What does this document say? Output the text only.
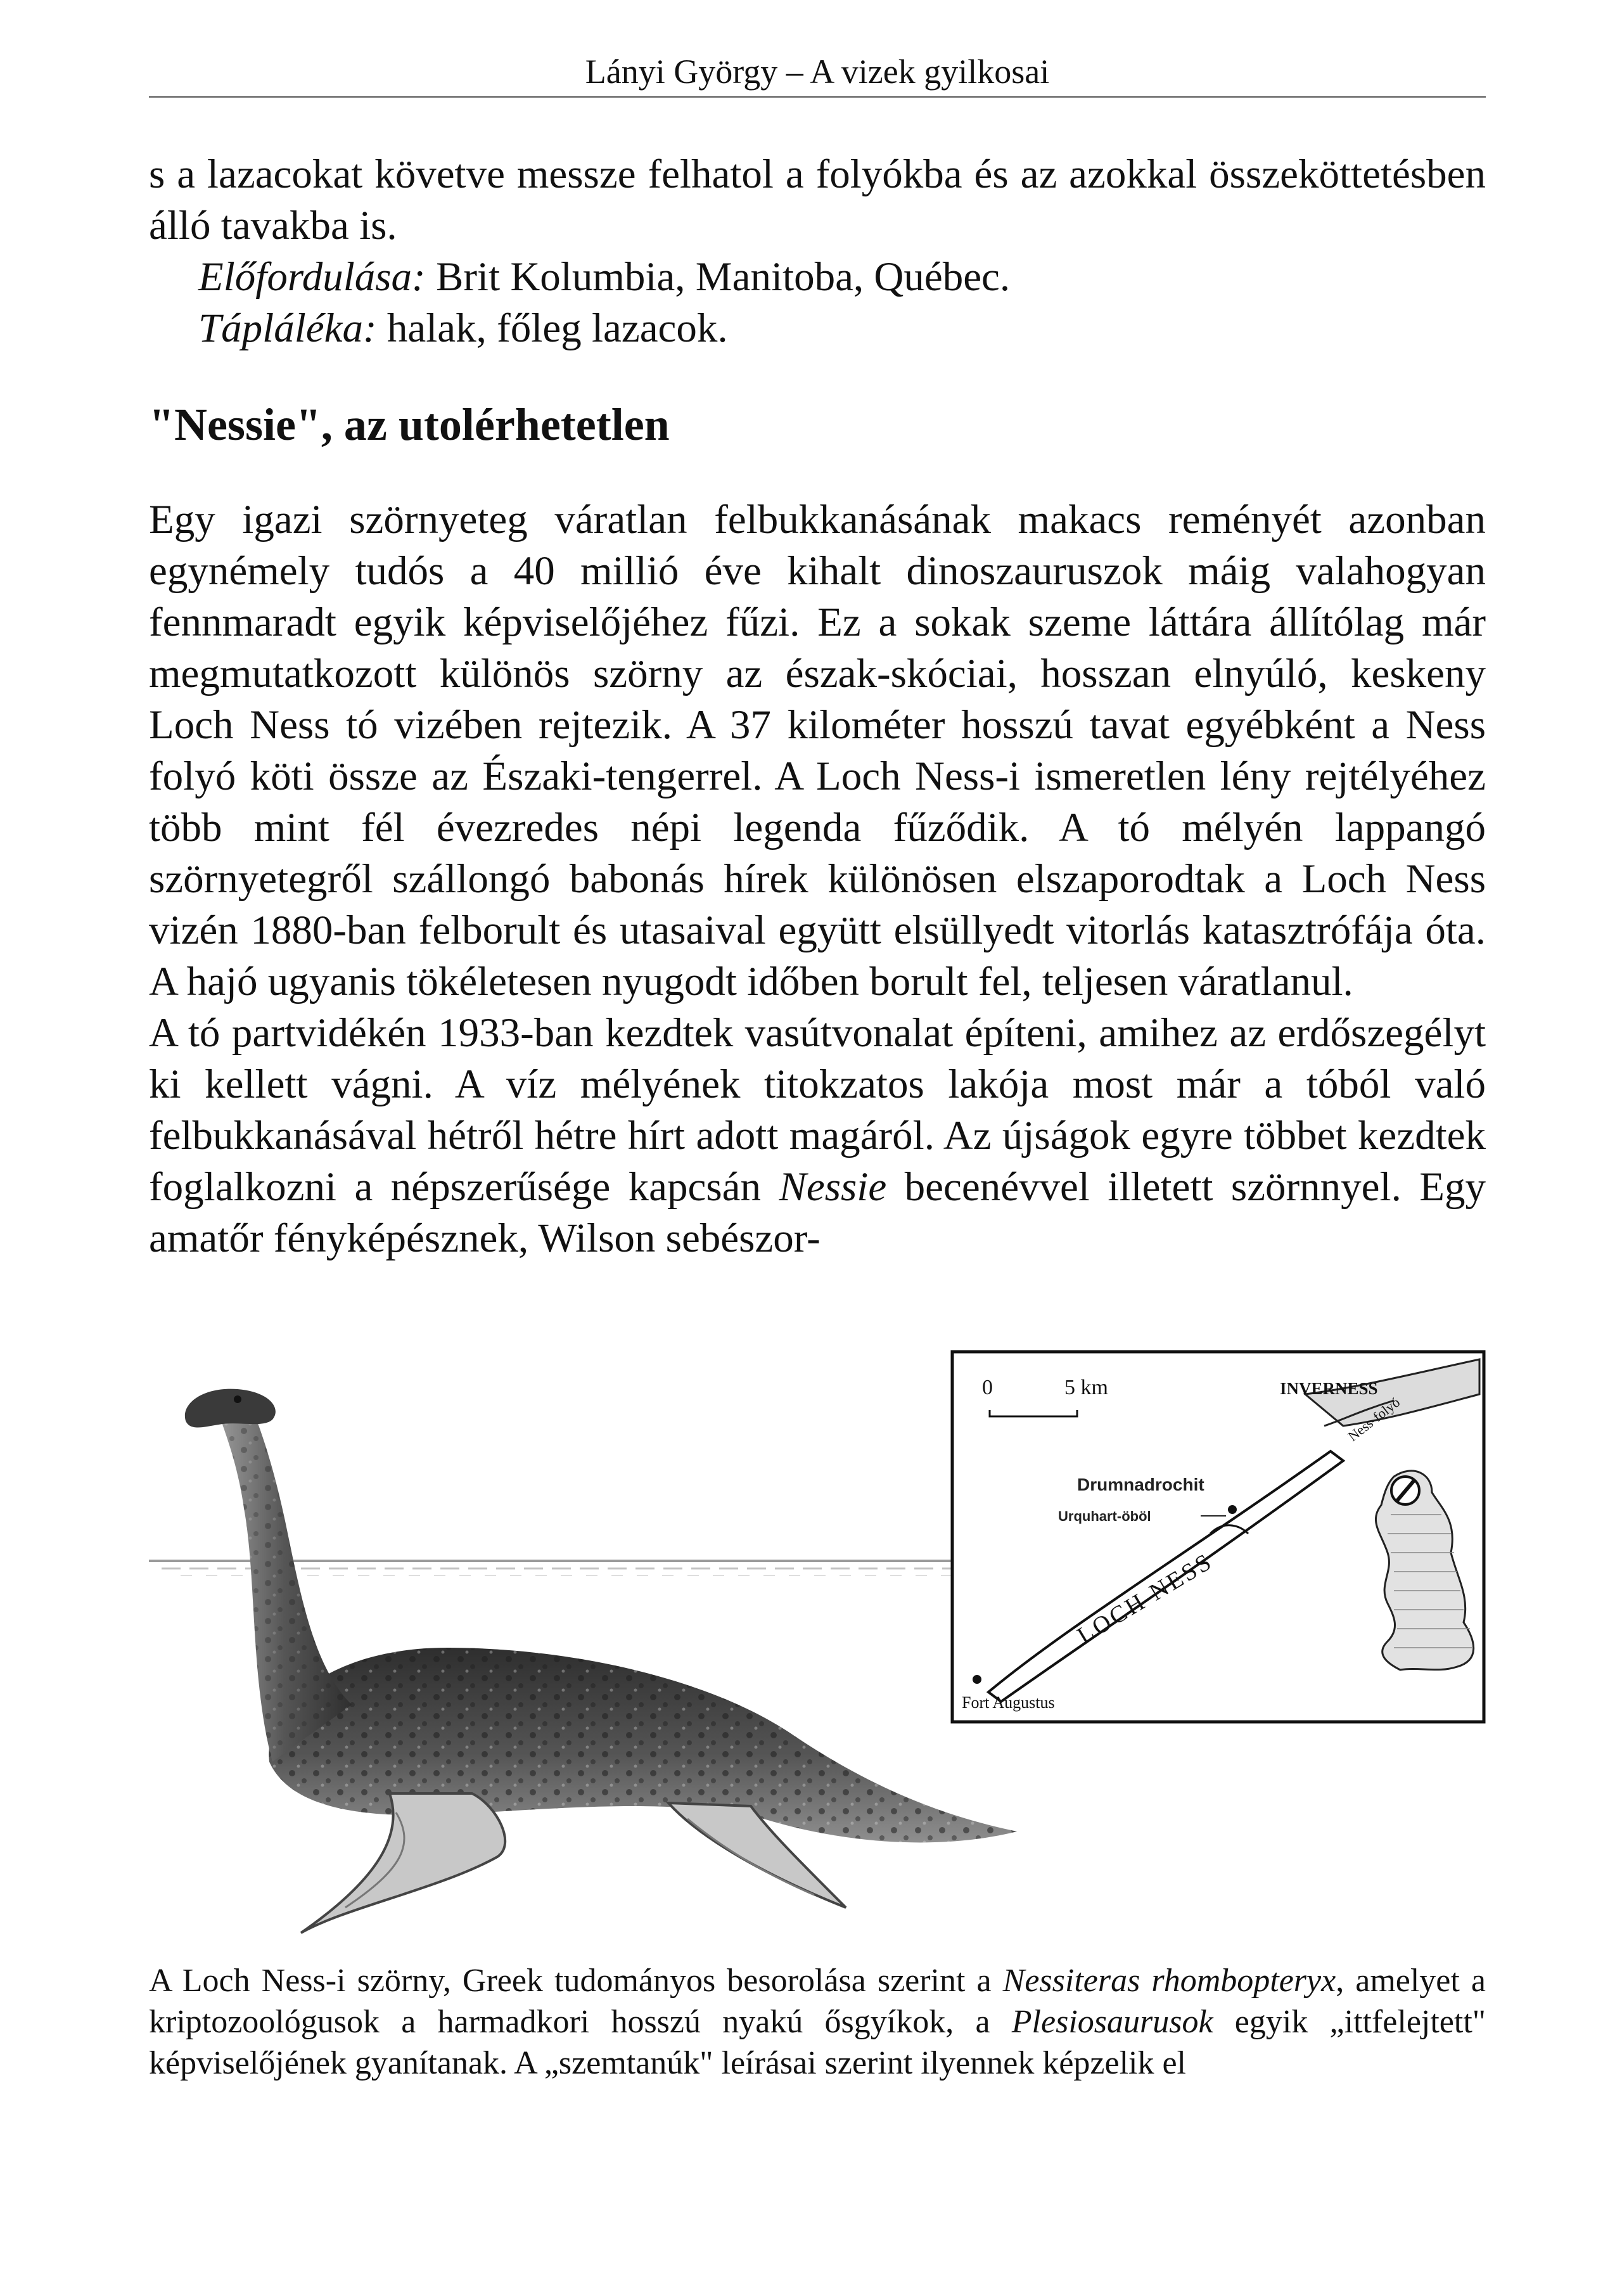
Lányi György – A vizek gyilkosai

s a lazacokat követve messze felhatol a folyókba és az azokkal összeköttetésben álló tavakba is.

Előfordulása: Brit Kolumbia, Manitoba, Québec.

Tápláléka: halak, főleg lazacok.

"Nessie", az utolérhetetlen

Egy igazi szörnyeteg váratlan felbukkanásának makacs reményét azonban egynémely tudós a 40 millió éve kihalt dinoszauruszok máig valahogyan fennmaradt egyik képviselőjéhez fűzi. Ez a sokak szeme láttára állítólag már megmutatkozott különös szörny az észak-skóciai, hosszan elnyúló, keskeny Loch Ness tó vizében rejtezik. A 37 kilométer hosszú tavat egyébként a Ness folyó köti össze az Északi-tengerrel. A Loch Ness-i ismeretlen lény rejtélyéhez több mint fél évezredes népi legenda fűződik. A tó mélyén lappangó szörnyetegről szállongó babonás hírek különösen elszaporodtak a Loch Ness vizén 1880-ban felborult és utasaival együtt elsüllyedt vitorlás katasztrófája óta. A hajó ugyanis tökéletesen nyugodt időben borult fel, teljesen váratlanul.

A tó partvidékén 1933-ban kezdtek vasútvonalat építeni, amihez az erdőszegélyt ki kellett vágni. A víz mélyének titokzatos lakója most már a tóból való felbukkanásával hétről hétre hírt adott magáról. Az újságok egyre többet kezdtek foglalkozni a népszerűsége kapcsán Nessie becenévvel illetett szörnnyel. Egy amatőr fényképésznek, Wilson sebészor-

0	5 km	INVERNESS
Ness-folyó
Drumnadrochit
Urquhart-öböl
LOCH NESS
Fort Augustus

A Loch Ness-i szörny, Greek tudományos besorolása szerint a Nessiteras rhombopteryx, amelyet a kriptozoológusok a harmadkori hosszú nyakú ősgyíkok, a Plesiosaurusok egyik „ittfelejtett" képviselőjének gyanítanak. A „szemtanúk" leírásai szerint ilyennek képzelik el
